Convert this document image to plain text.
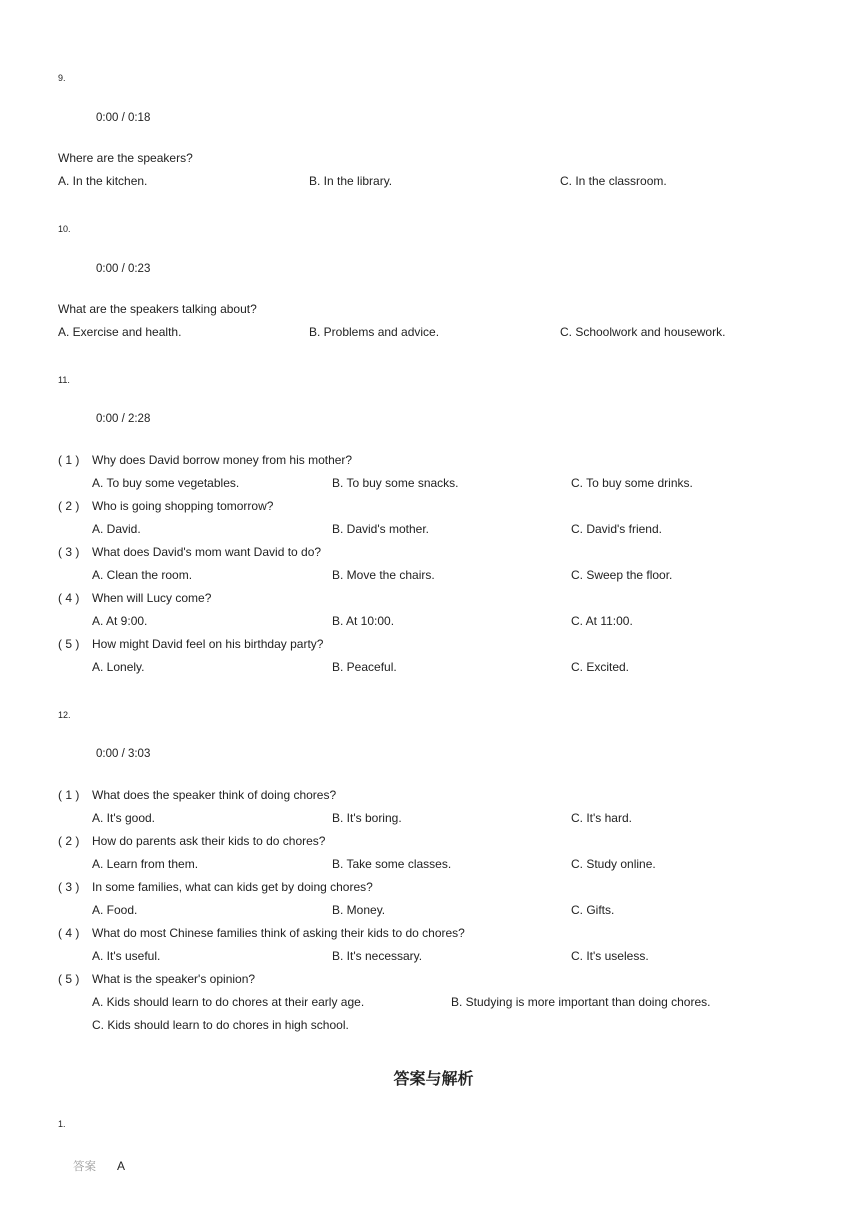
9.
0:00 / 0:18
Where are the speakers?
A. In the kitchen.	B. In the library.	C. In the classroom.
10.
0:00 / 0:23
What are the speakers talking about?
A. Exercise and health.	B. Problems and advice.	C. Schoolwork and housework.
11.
0:00 / 2:28
( 1 ) Why does David borrow money from his mother?
A. To buy some vegetables.	B. To buy some snacks.	C. To buy some drinks.
( 2 ) Who is going shopping tomorrow?
A. David.	B. David's mother.	C. David's friend.
( 3 ) What does David's mom want David to do?
A. Clean the room.	B. Move the chairs.	C. Sweep the floor.
( 4 ) When will Lucy come?
A. At 9:00.	B. At 10:00.	C. At 11:00.
( 5 ) How might David feel on his birthday party?
A. Lonely.	B. Peaceful.	C. Excited.
12.
0:00 / 3:03
( 1 ) What does the speaker think of doing chores?
A. It's good.	B. It's boring.	C. It's hard.
( 2 ) How do parents ask their kids to do chores?
A. Learn from them.	B. Take some classes.	C. Study online.
( 3 ) In some families, what can kids get by doing chores?
A. Food.	B. Money.	C. Gifts.
( 4 ) What do most Chinese families think of asking their kids to do chores?
A. It's useful.	B. It's necessary.	C. It's useless.
( 5 ) What is the speaker's opinion?
A. Kids should learn to do chores at their early age.	B. Studying is more important than doing chores.
C. Kids should learn to do chores in high school.
答案与解析
1.
答案 A
